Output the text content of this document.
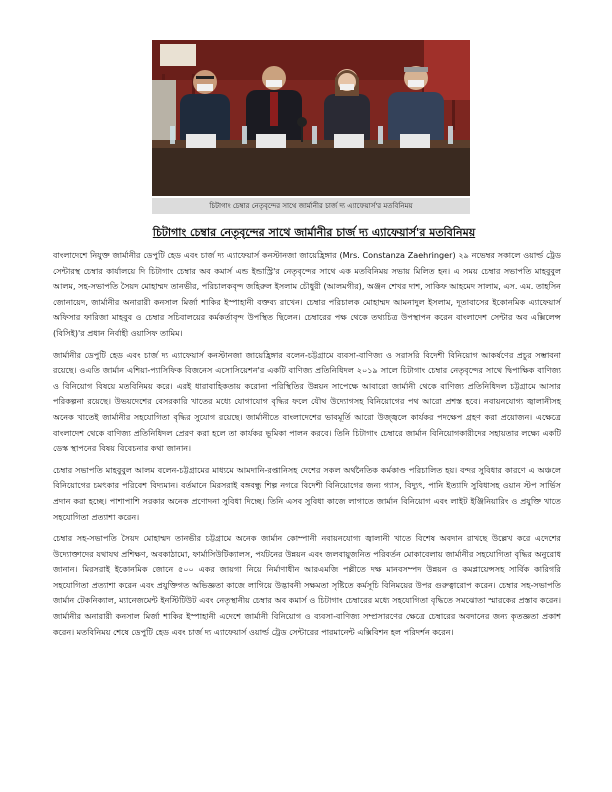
চিটাগাং চেম্বার নেতৃবৃন্দের সাথে জার্মানীর চার্জ দ্য এ্যাফেয়ার্স'র মতবিনিময়
চিটাগাং চেম্বার নেতৃবৃন্দের সাথে জার্মানীর চার্জ দ্য এ্যাফেয়ার্স'র মতবিনিময়

বাংলাদেশে নিযুক্ত জার্মানীর ডেপুটি হেড এবং চার্জ দ্য এ্যাফেয়ার্স কনস্টানজা জায়েহ্রিঙ্গার (Mrs. Constanza Zaehringer) ২৯ নভেম্বর সকালে ওয়ার্ল্ড ট্রেড সেন্টারস্থ চেম্বার কার্যালয়ে দি চিটাগাং চেম্বার অব কমার্স এন্ড ইন্ডাস্ট্রি'র নেতৃবৃন্দের সাথে এক মতবিনিময় সভায় মিলিত হন। এ সময় চেম্বার সভাপতি মাহবুবুল আলম, সহ-সভাপতি সৈয়দ মোহাম্মদ তানভীর, পরিচালকবৃন্দ জহিরুল ইসলাম চৌধুরী (আলমগীর), অঞ্জন শেখর দাশ, সাকিফ আহমেদ সালাম, এস. এম. তাহসিন জোনায়েদ, জার্মানীর অনারারী কনসাল মির্জা শাকির ইস্পাহানী বক্তব্য রাখেন। চেম্বার পরিচালক মোহাম্মদ আমনাদুল ইসলাম, দূতাবাসের ইকোনমিক এ্যাফেয়ার্স অফিসার ফারিজা মাহবুব ও চেম্বার সচিবালয়ের কর্মকর্তাবৃন্দ উপস্থিত ছিলেন। চেম্বারের পক্ষ থেকে তথ্যচিত্র উপস্থাপন করেন বাংলাদেশ সেন্টার অব এক্সিলেন্স (বিসিই)'র প্রধান নির্বাহী ওয়াসিফ তামিম।

জার্মানীর ডেপুটি হেড এবং চার্জ দ্য এ্যাফেয়ার্স কনস্টানজা জায়েহ্রিঙ্গার বলেন-চট্টগ্রামে ব্যবসা-বাণিজ্য ও সরাসরি বিদেশী বিনিয়োগ আকর্ষণের প্রচুর সম্ভাবনা রয়েছে। ওএতি জার্মান এশিয়া-প্যাসিফিক বিজনেস এসোসিয়েশন'র একটি বাণিজ্য প্রতিনিধিদল ২০১৯ সালে চিটাগাং চেম্বার নেতৃবৃন্দের সাথে দ্বিপাক্ষিক বাণিজ্য ও বিনিয়োগ বিষয়ে মতবিনিময় করে। এরই ধারাবাহিকতায় করোনা পরিস্থিতির উন্নয়ন সাপেক্ষে আবারো জার্মানী থেকে বাণিজ্য প্রতিনিধিদল চট্টগ্রামে আসার পরিকল্পনা রয়েছে। উভয়দেশের বেসরকারি খাতের মধ্যে যোগাযোগ বৃদ্ধির ফলে যৌথ উদ্যোগসহ বিনিয়োগের পথ আরো প্রশস্ত হবে। নবায়নযোগ্য জ্বালানীসহ অনেক খাতেই জার্মানীর সহযোগিতা বৃদ্ধির সুযোগ রয়েছে। জার্মানীতে বাংলাদেশের ভাবমূর্তি আরো উজ্জ্বলে কার্যকর পদক্ষেপ গ্রহণ করা প্রয়োজন। এক্ষেত্রে বাংলাদেশ থেকে বাণিজ্য প্রতিনিধিদল প্রেরণ করা হলে তা কার্যকর ভূমিকা পালন করবে। তিনি চিটাগাং চেম্বারে জার্মান বিনিয়োগকারীদের সহায়তার লক্ষ্যে একটি ডেস্ক স্থাপনের বিষয় বিবেচনার কথা জানান।

চেম্বার সভাপতি মাহবুবুল আলম বলেন-চট্টগ্রামের মাধ্যমে আমদানি-রপ্তানিসহ দেশের সকল অর্থনৈতিক কর্মকাণ্ড পরিচালিত হয়। বন্দর সুবিধার কারণে এ অঞ্চলে বিনিয়োগের চমৎকার পরিবেশ বিদ্যমান। বর্তমানে মিরসরাই বঙ্গবন্ধু শিল্প নগরে বিদেশী বিনিয়োগের জন্য গ্যাস, বিদ্যুৎ, পানি ইত্যাদি সুবিধাসহ ওয়ান স্টপ সার্ভিস প্রদান করা হচ্ছে। পাশাপাশি সরকার অনেক প্রণোদনা সুবিধা দিচ্ছে। তিনি এসব সুবিধা কাজে লাগাতে জার্মান বিনিয়োগ এবং লাইট ইঞ্জিনিয়ারিং ও প্রযুক্তি খাতে সহযোগিতা প্রত্যাশা করেন।

চেম্বার সহ-সভাপতি সৈয়দ মোহাম্মদ তানভীর চট্টগ্রামে অনেক জার্মান কোম্পানী নবায়নযোগ্য জ্বালানী খাতে বিশেষ অবদান রাখছে উল্লেখ করে এদেশের উদ্যোক্তাদের যথাযথ প্রশিক্ষণ, অবকাঠামো, ফার্মাসিউটিক্যালস, পর্যটনের উন্নয়ন এবং জলবায়ুজনিত পরিবর্তন মোকাবেলায় জার্মানীর সহযোগিতা বৃদ্ধির অনুরোধ জানান। মিরসরাই ইকোনমিক জোনে ৫০০ একর জায়গা নিয়ে নির্মাণাধীন আরএমজি পল্লীতে দক্ষ মানবসম্পদ উন্নয়ন ও কমপ্লায়েন্সসহ সার্বিক কারিগরি সহযোগিতা প্রত্যাশা করেন এবং প্রযুক্তিগত অভিজ্ঞতা কাজে লাগিয়ে উদ্ভাবনী সক্ষমতা সৃষ্টিতে কর্মসূচি বিনিময়ের উপর গুরুত্বারোপ করেন। চেম্বার সহ-সভাপতি জার্মান টেকনিক্যাল, ম্যানেজমেন্ট ইনস্টিটিউট এবং নেতৃস্থানীয় চেম্বার অব কমার্স ও চিটাগাং চেম্বারের মধ্যে সহযোগিতা বৃদ্ধিতে সমঝোতা স্মারকের প্রস্তাব করেন। জার্মানীর অনারারী কনসাল মির্জা শাকির ইস্পাহানী এদেশে জার্মানী বিনিয়োগ ও ব্যবসা-বাণিজ্য সম্প্রসারণের ক্ষেত্রে চেম্বারের অবদানের জন্য কৃতজ্ঞতা প্রকাশ করেন। মতবিনিময় শেষে ডেপুটি হেড এবং চার্জ দ্য এ্যাফেয়ার্স ওয়ার্ল্ড ট্রেড সেন্টারের পারমানেন্ট এক্সিবিশন হল পরিদর্শন করেন।
